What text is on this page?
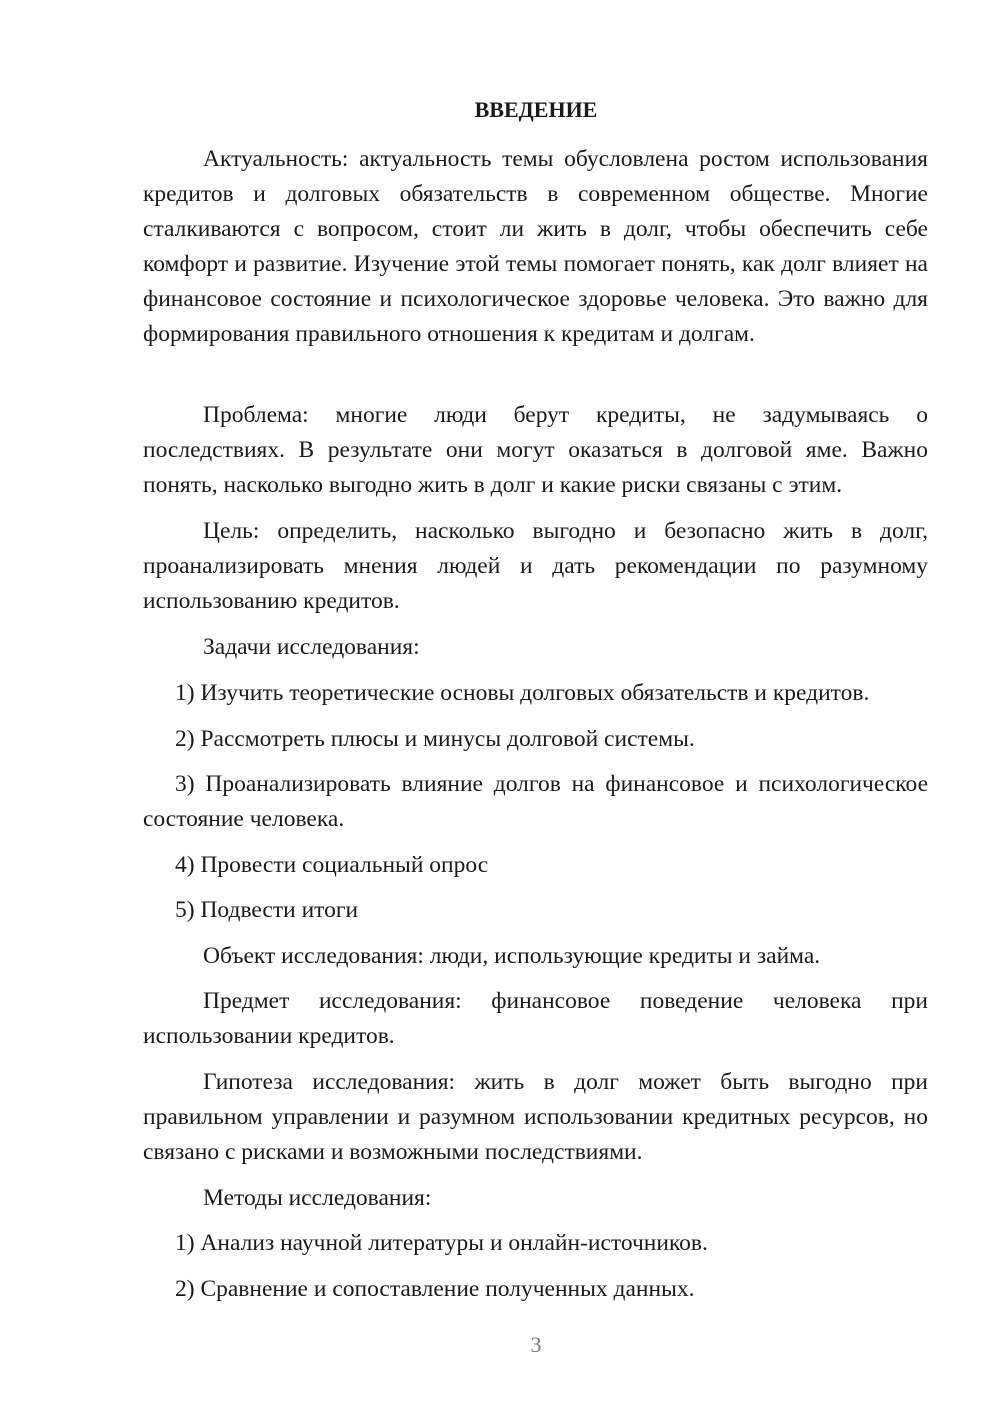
ВВЕДЕНИЕ

Актуальность: актуальность темы обусловлена ростом использования кредитов и долговых обязательств в современном обществе. Многие сталкиваются с вопросом, стоит ли жить в долг, чтобы обеспечить себе комфорт и развитие. Изучение этой темы помогает понять, как долг влияет на финансовое состояние и психологическое здоровье человека. Это важно для формирования правильного отношения к кредитам и долгам.

Проблема: многие люди берут кредиты, не задумываясь о последствиях. В результате они могут оказаться в долговой яме. Важно понять, насколько выгодно жить в долг и какие риски связаны с этим.

Цель: определить, насколько выгодно и безопасно жить в долг, проанализировать мнения людей и дать рекомендации по разумному использованию кредитов.

Задачи исследования:

1) Изучить теоретические основы долговых обязательств и кредитов.

2) Рассмотреть плюсы и минусы долговой системы.

3) Проанализировать влияние долгов на финансовое и психологическое состояние человека.

4) Провести социальный опрос

5) Подвести итоги

Объект исследования: люди, использующие кредиты и займа.

Предмет исследования: финансовое поведение человека при использовании кредитов.

Гипотеза исследования: жить в долг может быть выгодно при правильном управлении и разумном использовании кредитных ресурсов, но связано с рисками и возможными последствиями.

Методы исследования:

1) Анализ научной литературы и онлайн-источников.

2) Сравнение и сопоставление полученных данных.

3
